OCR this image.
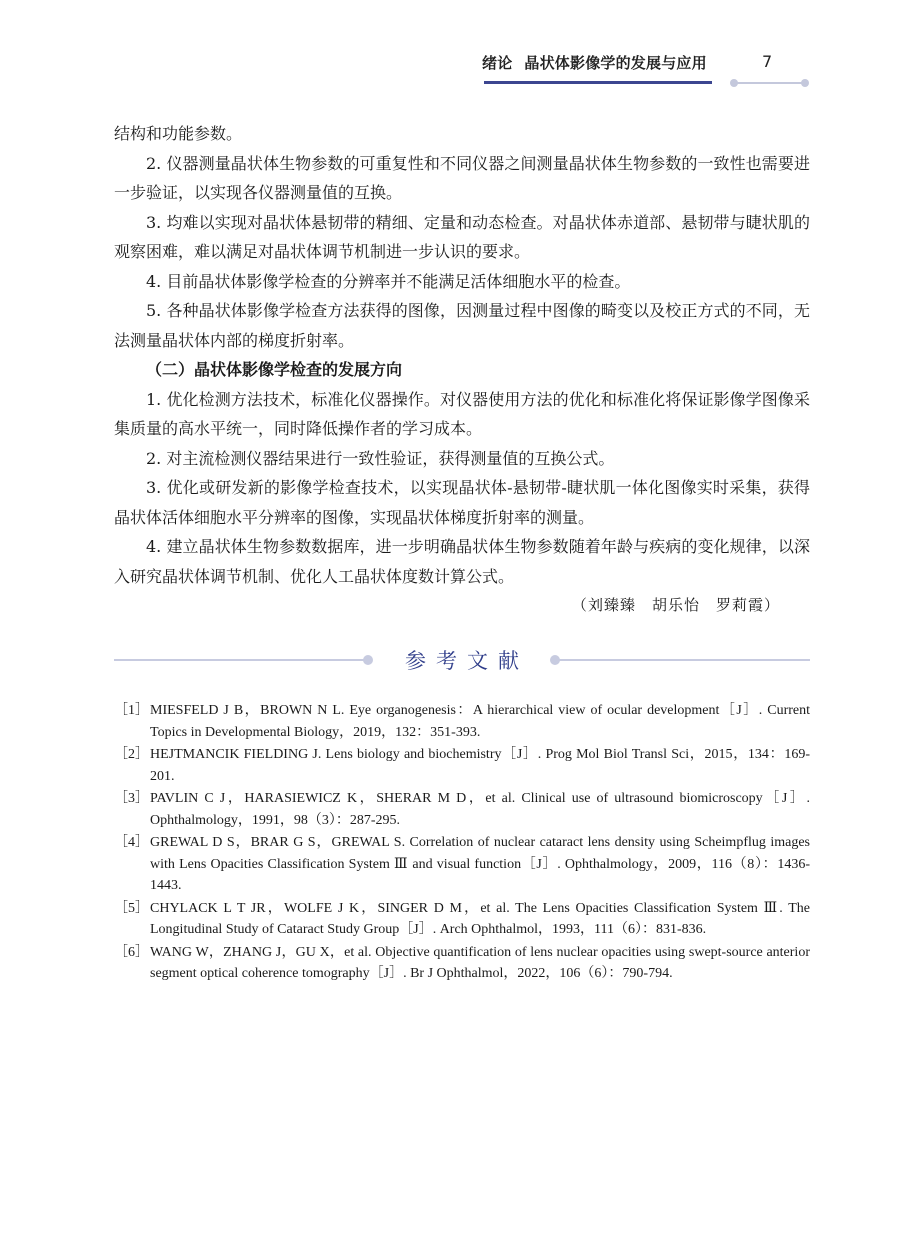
绪论 晶状体影像学的发展与应用	7

结构和功能参数。

2. 仪器测量晶状体生物参数的可重复性和不同仪器之间测量晶状体生物参数的一致性也需要进一步验证，以实现各仪器测量值的互换。

3. 均难以实现对晶状体悬韧带的精细、定量和动态检查。对晶状体赤道部、悬韧带与睫状肌的观察困难，难以满足对晶状体调节机制进一步认识的要求。

4. 目前晶状体影像学检查的分辨率并不能满足活体细胞水平的检查。

5. 各种晶状体影像学检查方法获得的图像，因测量过程中图像的畸变以及校正方式的不同，无法测量晶状体内部的梯度折射率。

（二）晶状体影像学检查的发展方向

1. 优化检测方法技术，标准化仪器操作。对仪器使用方法的优化和标准化将保证影像学图像采集质量的高水平统一，同时降低操作者的学习成本。

2. 对主流检测仪器结果进行一致性验证，获得测量值的互换公式。

3. 优化或研发新的影像学检查技术，以实现晶状体-悬韧带-睫状肌一体化图像实时采集，获得晶状体活体细胞水平分辨率的图像，实现晶状体梯度折射率的测量。

4. 建立晶状体生物参数数据库，进一步明确晶状体生物参数随着年龄与疾病的变化规律，以深入研究晶状体调节机制、优化人工晶状体度数计算公式。

（刘臻臻 胡乐怡 罗莉霞）

参考文献
［1］ MIESFELD J B，BROWN N L. Eye organogenesis：A hierarchical view of ocular development［J］. Current Topics in Developmental Biology，2019，132：351-393.
［2］ HEJTMANCIK FIELDING J. Lens biology and biochemistry［J］. Prog Mol Biol Transl Sci，2015，134：169-201.
［3］ PAVLIN C J，HARASIEWICZ K，SHERAR M D，et al. Clinical use of ultrasound biomicroscopy［J］. Ophthalmology，1991，98（3）：287-295.
［4］ GREWAL D S，BRAR G S，GREWAL S. Correlation of nuclear cataract lens density using Scheimpflug images with Lens Opacities Classification System Ⅲ and visual function［J］. Ophthalmology，2009，116（8）：1436-1443.
［5］ CHYLACK L T JR，WOLFE J K，SINGER D M，et al. The Lens Opacities Classification System Ⅲ. The Longitudinal Study of Cataract Study Group［J］. Arch Ophthalmol，1993，111（6）：831-836.
［6］ WANG W，ZHANG J，GU X，et al. Objective quantification of lens nuclear opacities using swept-source anterior segment optical coherence tomography［J］. Br J Ophthalmol，2022，106（6）：790-794.
